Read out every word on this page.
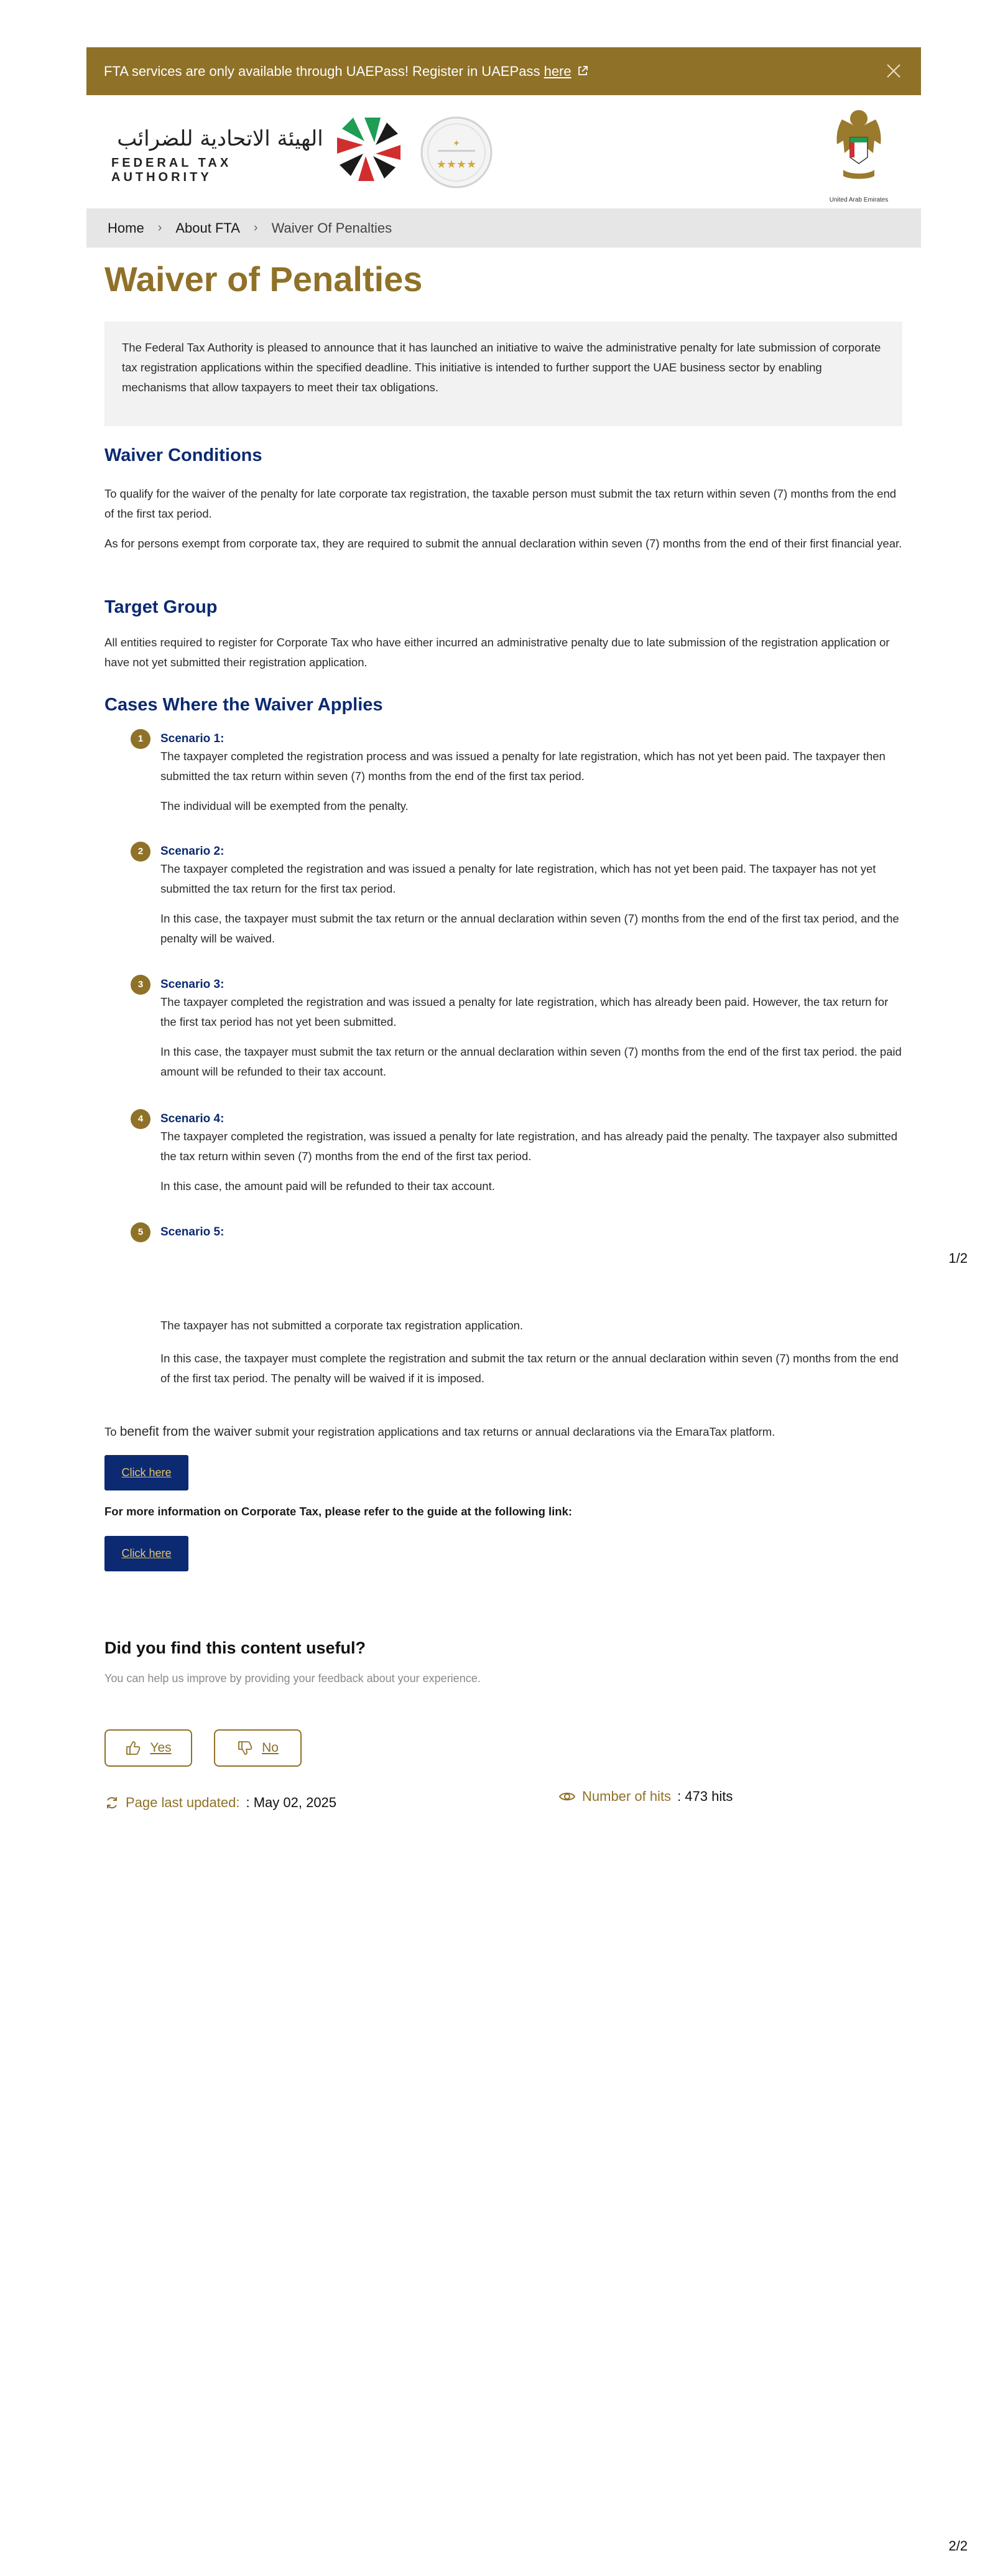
FTA services are only available through UAEPass! Register in UAEPass here
الهيئة الاتحادية للضرائب
FEDERAL TAX AUTHORITY
✦
★★★★
United Arab Emirates
Home › About FTA › Waiver Of Penalties
Waiver of Penalties
The Federal Tax Authority is pleased to announce that it has launched an initiative to waive the administrative penalty for late submission of corporate tax registration applications within the specified deadline. This initiative is intended to further support the UAE business sector by enabling mechanisms that allow taxpayers to meet their tax obligations.
Waiver Conditions

To qualify for the waiver of the penalty for late corporate tax registration, the taxable person must submit the tax return within seven (7) months from the end of the first tax period.

As for persons exempt from corporate tax, they are required to submit the annual declaration within seven (7) months from the end of their first financial year.

Target Group

All entities required to register for Corporate Tax who have either incurred an administrative penalty due to late submission of the registration application or have not yet submitted their registration application.

Cases Where the Waiver Applies
1	Scenario 1:

The taxpayer completed the registration process and was issued a penalty for late registration, which has not yet been paid. The taxpayer then submitted the tax return within seven (7) months from the end of the first tax period.

The individual will be exempted from the penalty.

2	Scenario 2:

The taxpayer completed the registration and was issued a penalty for late registration, which has not yet been paid. The taxpayer has not yet submitted the tax return for the first tax period.

In this case, the taxpayer must submit the tax return or the annual declaration within seven (7) months from the end of the first tax period, and the penalty will be waived.

3	Scenario 3:

The taxpayer completed the registration and was issued a penalty for late registration, which has already been paid. However, the tax return for the first tax period has not yet been submitted.

In this case, the taxpayer must submit the tax return or the annual declaration within seven (7) months from the end of the first tax period. the paid amount will be refunded to their tax account.

4	Scenario 4:

The taxpayer completed the registration, was issued a penalty for late registration, and has already paid the penalty. The taxpayer also submitted the tax return within seven (7) months from the end of the first tax period.

In this case, the amount paid will be refunded to their tax account.

5	Scenario 5:

The taxpayer has not submitted a corporate tax registration application.

In this case, the taxpayer must complete the registration and submit the tax return or the annual declaration within seven (7) months from the end of the first tax period. The penalty will be waived if it is imposed.

1/2

To benefit from the waiver submit your registration applications and tax returns or annual declarations via the EmaraTax platform.

Click here
For more information on Corporate Tax, please refer to the guide at the following link:
Click here
Did you find this content useful?
You can help us improve by providing your feedback about your experience.
Yes	No
Page last updated: : May 02, 2025	Number of hits : 473 hits
2/2
